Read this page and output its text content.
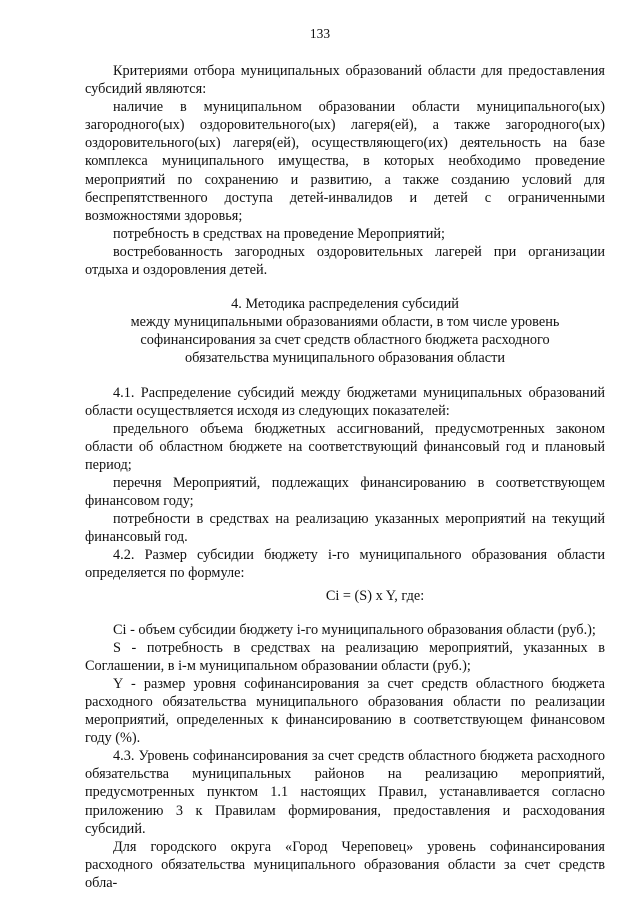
133

Критериями отбора муниципальных образований области для предоставления субсидий являются:

наличие в муниципальном образовании области муниципального(ых) загородного(ых) оздоровительного(ых) лагеря(ей), а также загородного(ых) оздоровительного(ых) лагеря(ей), осуществляющего(их) деятельность на базе комплекса муниципального имущества, в которых необходимо проведение мероприятий по сохранению и развитию, а также созданию условий для беспрепятственного доступа детей-инвалидов и детей с ограниченными возможностями здоровья;

потребность в средствах на проведение Мероприятий;

востребованность загородных оздоровительных лагерей при организации отдыха и оздоровления детей.

4. Методика распределения субсидий
между муниципальными образованиями области, в том числе уровень
софинансирования за счет средств областного бюджета расходного
обязательства муниципального образования области

4.1. Распределение субсидий между бюджетами муниципальных образований области осуществляется исходя из следующих показателей:

предельного объема бюджетных ассигнований, предусмотренных законом области об областном бюджете на соответствующий финансовый год и плановый период;

перечня Мероприятий, подлежащих финансированию в соответствующем финансовом году;

потребности в средствах на реализацию указанных мероприятий на текущий финансовый год.

4.2. Размер субсидии бюджету i-го муниципального образования области определяется по формуле:

Ci = (S) x Y, где:

Ci - объем субсидии бюджету i-го муниципального образования области (руб.);

S - потребность в средствах на реализацию мероприятий, указанных в Соглашении, в i-м муниципальном образовании области (руб.);

Y - размер уровня софинансирования за счет средств областного бюджета расходного обязательства муниципального образования области по реализации мероприятий, определенных к финансированию в соответствующем финансовом году (%).

4.3. Уровень софинансирования за счет средств областного бюджета расходного обязательства муниципальных районов на реализацию мероприятий, предусмотренных пунктом 1.1 настоящих Правил, устанавливается согласно приложению 3 к Правилам формирования, предоставления и расходования субсидий.

Для городского округа «Город Череповец» уровень софинансирования расходного обязательства муниципального образования области за счет средств обла-
